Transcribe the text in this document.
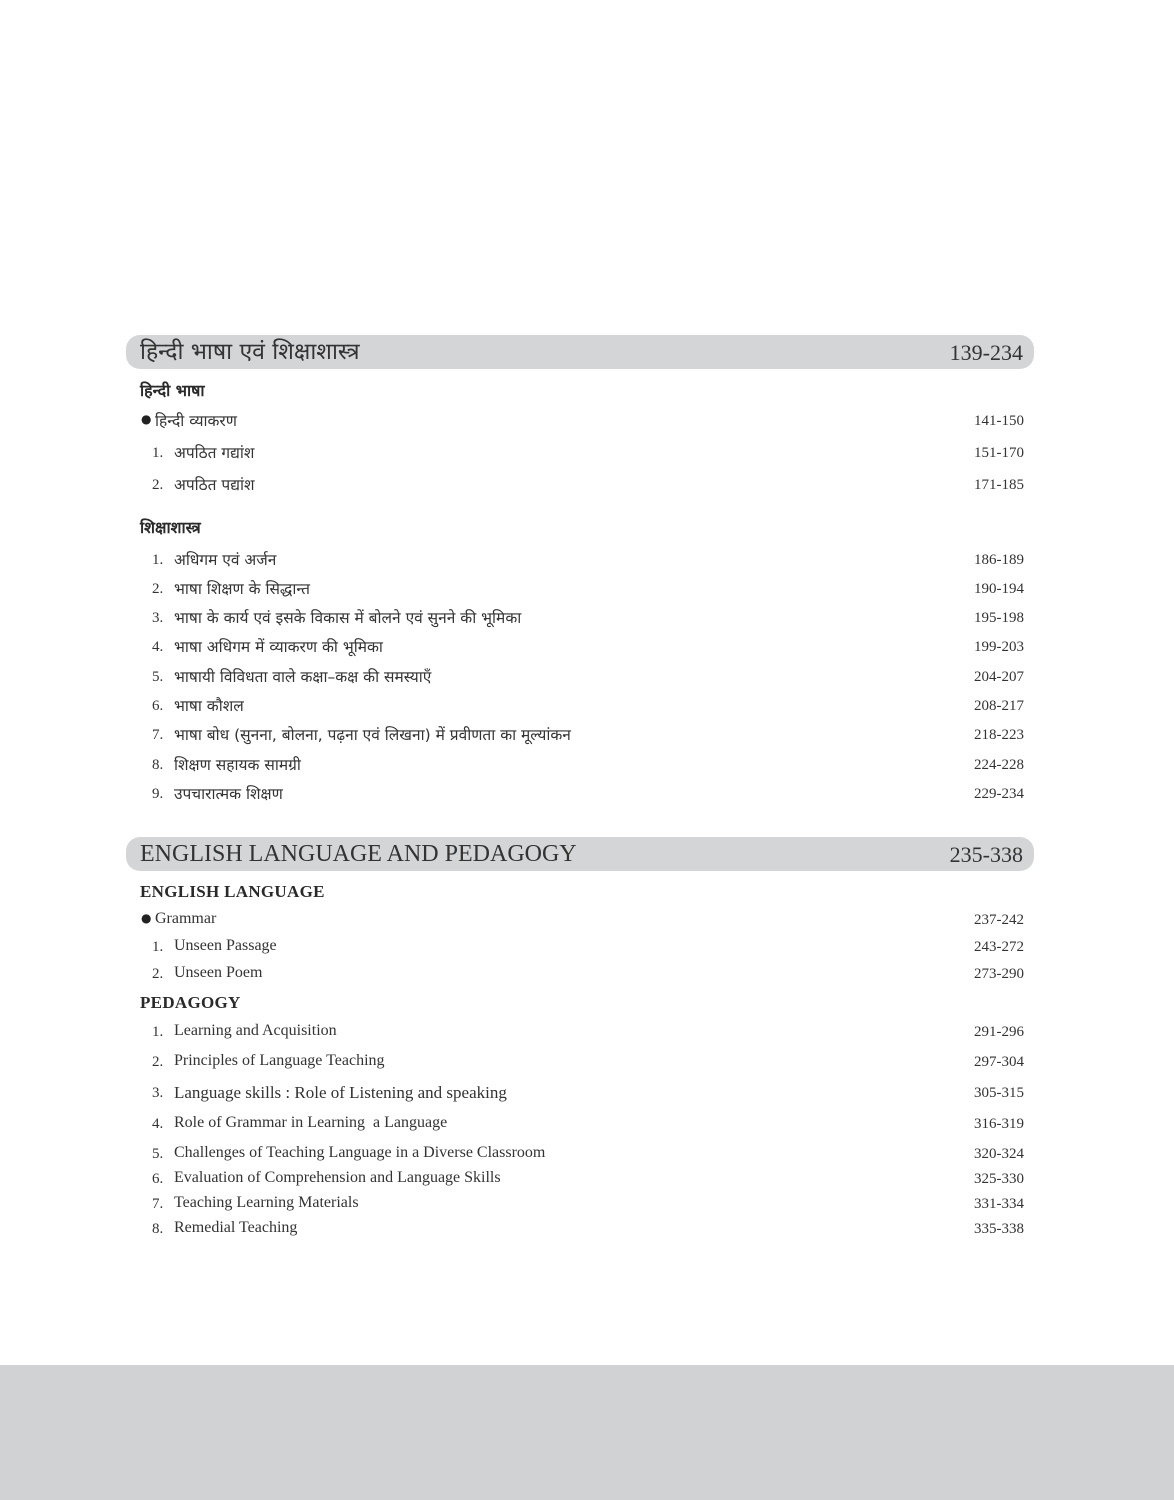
हिन्दी भाषा एवं शिक्षाशास्त्र	139-234
हिन्दी भाषा
● हिन्दी व्याकरण	141-150
1. अपठित गद्यांश	151-170
2. अपठित पद्यांश	171-185
शिक्षाशास्त्र
1. अधिगम एवं अर्जन	186-189
2. भाषा शिक्षण के सिद्धान्त	190-194
3. भाषा के कार्य एवं इसके विकास में बोलने एवं सुनने की भूमिका	195-198
4. भाषा अधिगम में व्याकरण की भूमिका	199-203
5. भाषायी विविधता वाले कक्षा–कक्ष की समस्याएँ	204-207
6. भाषा कौशल	208-217
7. भाषा बोध (सुनना, बोलना, पढ़ना एवं लिखना) में प्रवीणता का मूल्यांकन	218-223
8. शिक्षण सहायक सामग्री	224-228
9. उपचारात्मक शिक्षण	229-234
ENGLISH LANGUAGE AND PEDAGOGY	235-338
ENGLISH LANGUAGE
● Grammar	237-242
1. Unseen Passage	243-272
2. Unseen Poem	273-290
PEDAGOGY
1. Learning and Acquisition	291-296
2. Principles of Language Teaching	297-304
3. Language skills : Role of Listening and speaking	305-315
4. Role of Grammar in Learning  a Language	316-319
5. Challenges of Teaching Language in a Diverse Classroom	320-324
6. Evaluation of Comprehension and Language Skills	325-330
7. Teaching Learning Materials	331-334
8. Remedial Teaching	335-338
